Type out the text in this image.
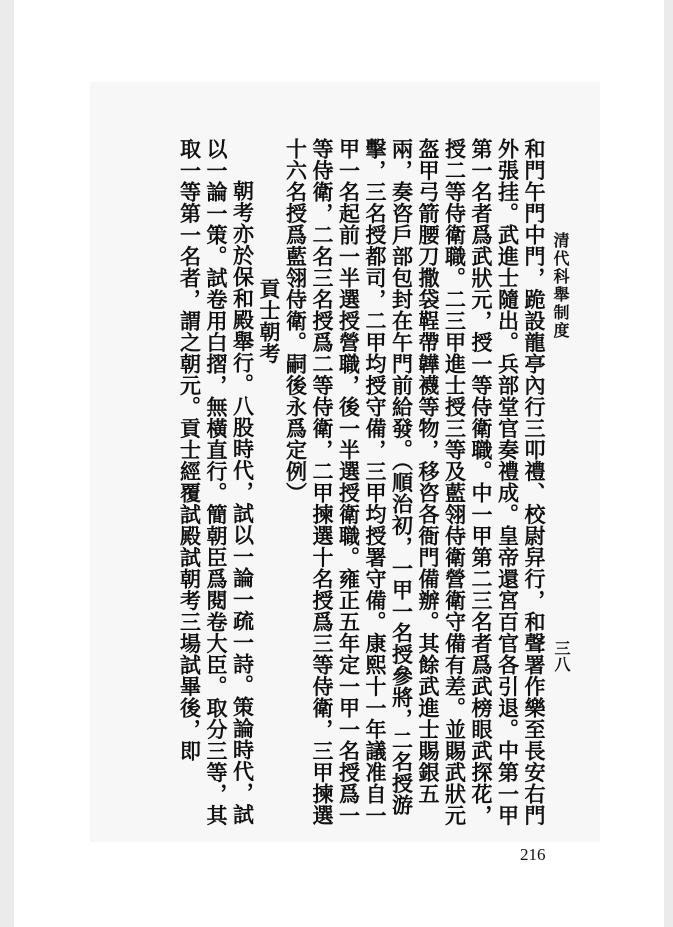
清代科舉制度
三八

和門午門中門，跪設龍亭內行三叩禮、校尉舁行，和聲署作樂至長安右門外張挂。武進士隨出。兵部堂官奏禮成。皇帝還宮百官各引退。中第一甲第一名者爲武狀元，授一等侍衛職。中一甲第二三名者爲武榜眼武探花，授二等侍衛職。二三甲進士授三等及藍翎侍衛營衛守備有差。並賜武狀元盔甲弓箭腰刀撒袋鞓帶韡襪等物，移咨各衙門備辦。其餘武進士賜銀五兩，奏咨戶部包封在午門前給發。（順治初，一甲一名授參將，二名授游擊，三名授都司，二甲均授守備，三甲均授署守備。康熙十一年議准自一甲一名起前一半選授營職，後一半選授衛職。雍正五年定一甲一名授爲一等侍衛，二名三名授爲二等侍衛，二甲揀選十名授爲三等侍衛，三甲揀選十六名授爲藍翎侍衛。嗣後永爲定例）

貢士朝考

朝考亦於保和殿舉行。八股時代，試以一論一疏一詩。策論時代，試以一論一策。試卷用白摺，無橫直行。簡朝臣爲閱卷大臣。取分三等，其取一等第一名者，謂之朝元。貢士經覆試殿試朝考三場試畢後，即

216
